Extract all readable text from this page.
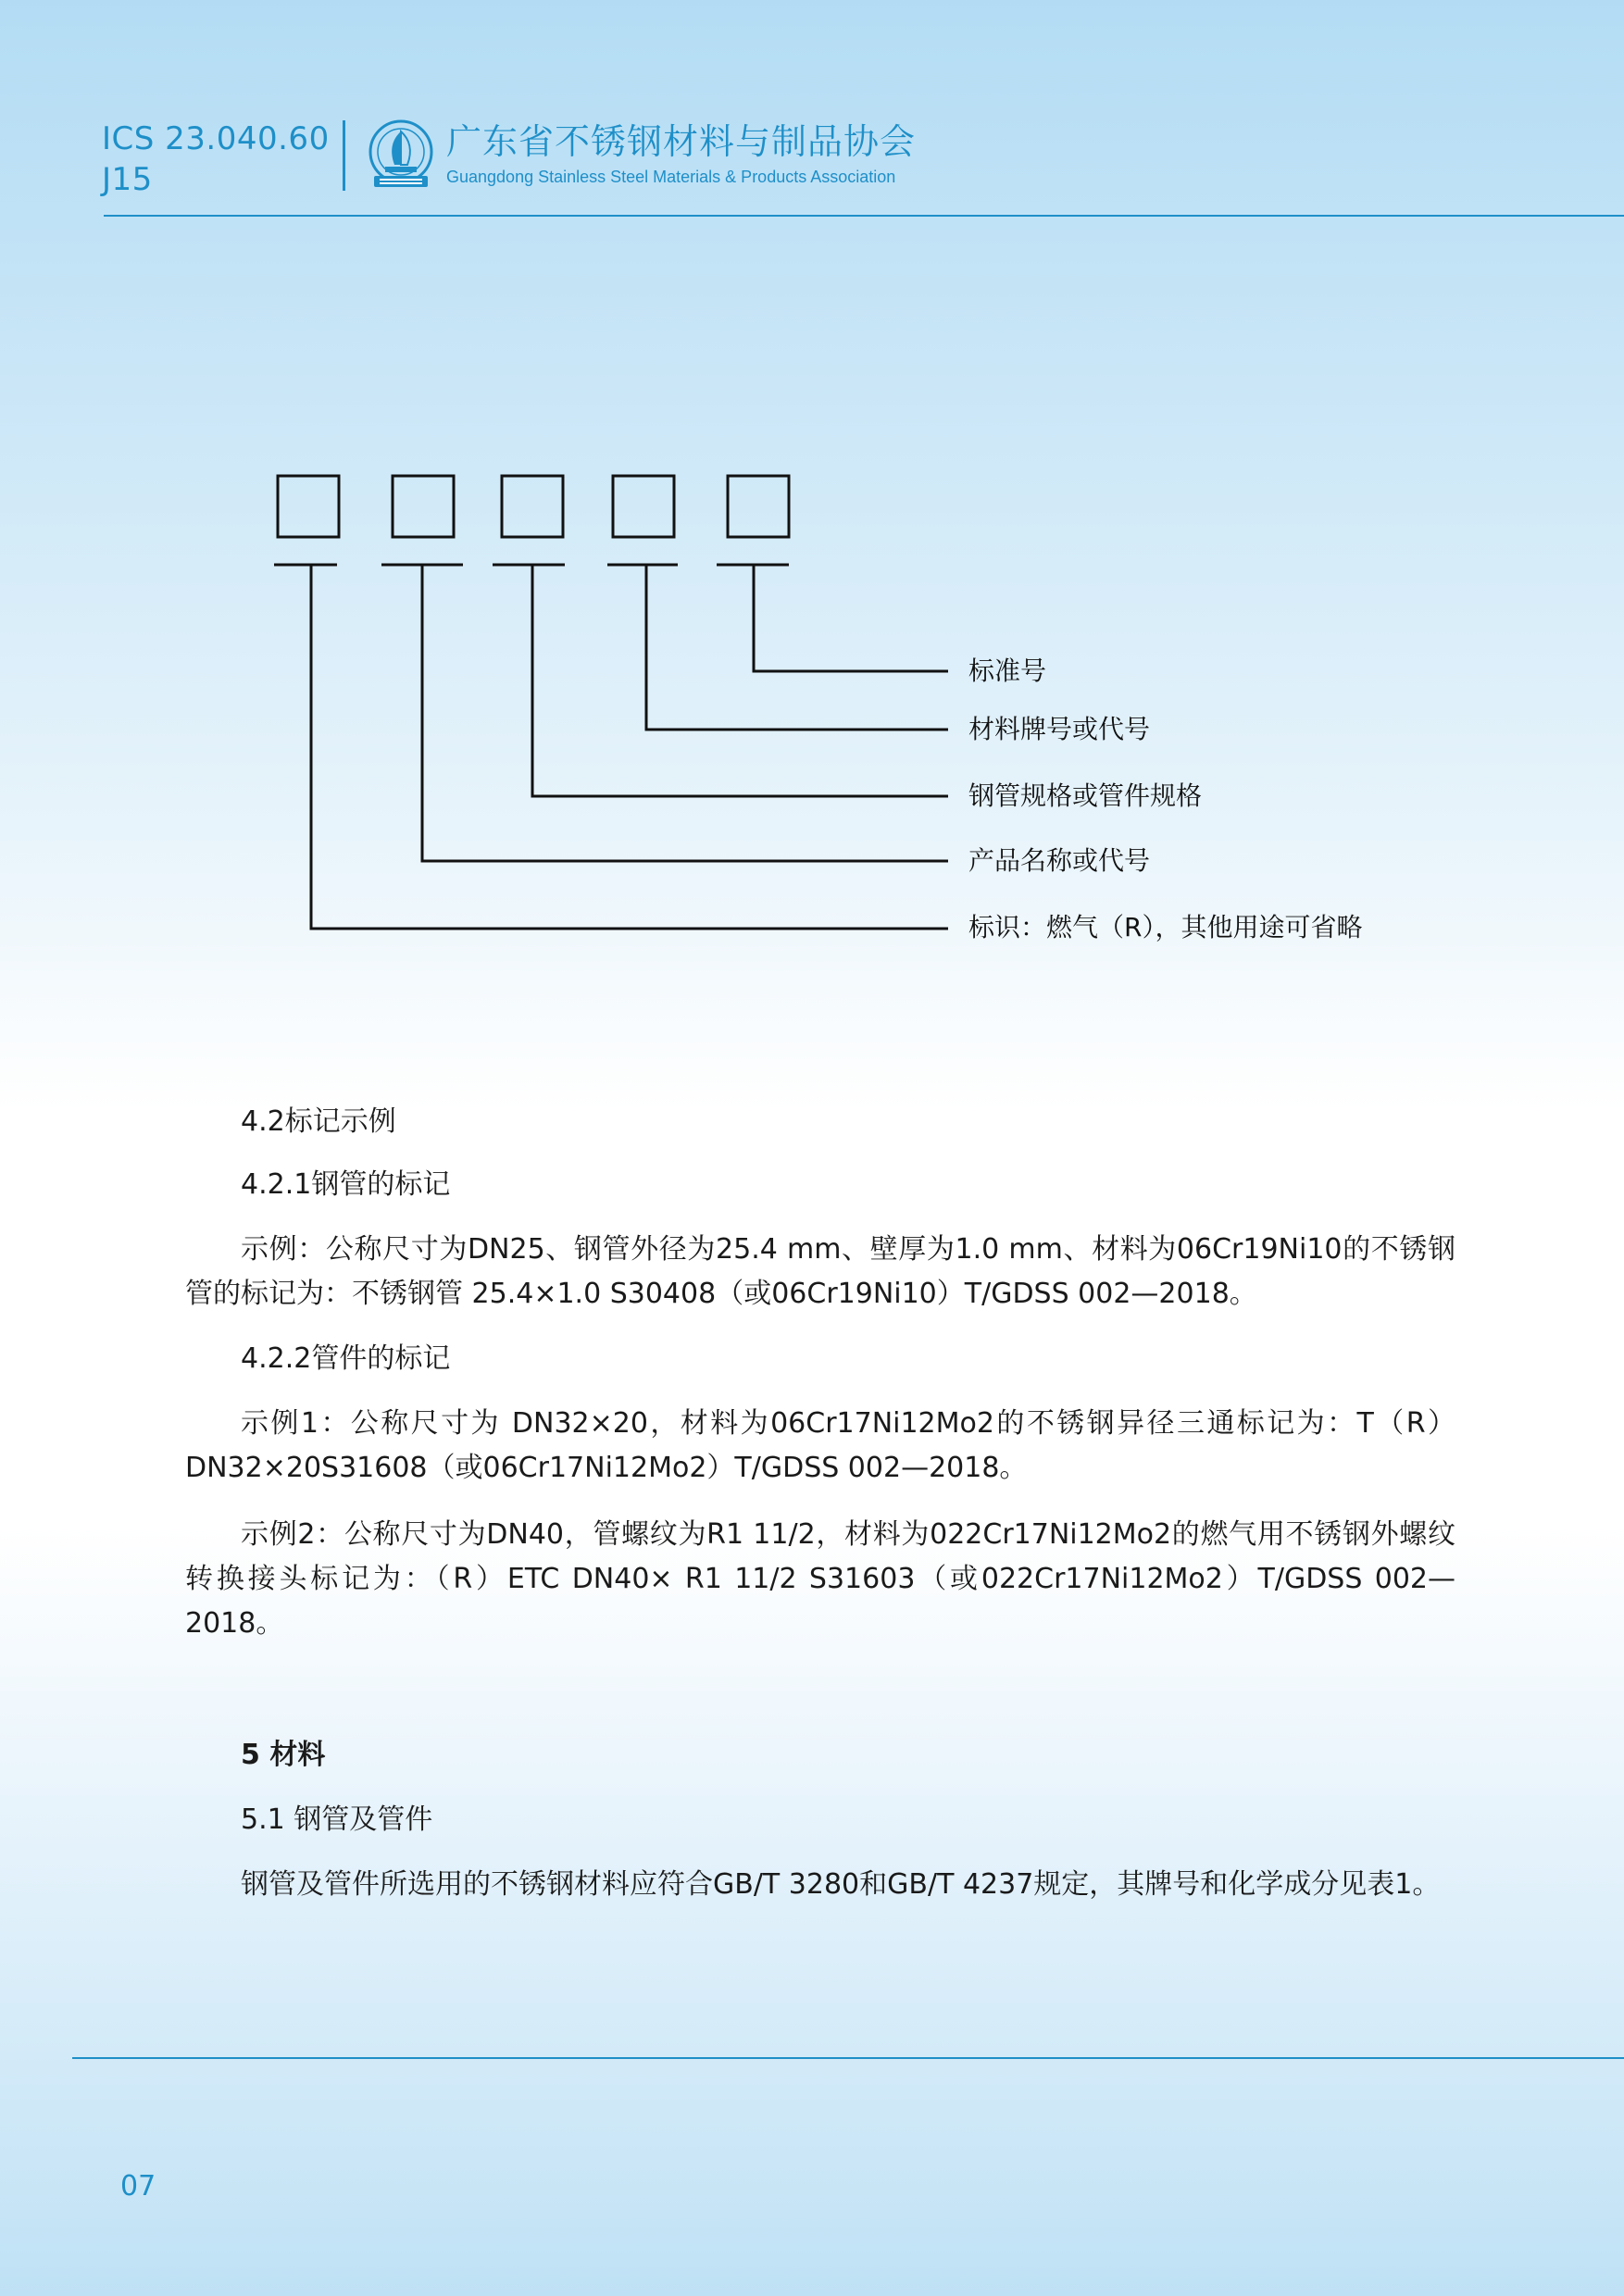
ICS 23.040.60
J15
广东省不锈钢材料与制品协会
Guangdong Stainless Steel Materials & Products Association
标准号
材料牌号或代号
钢管规格或管件规格
产品名称或代号
标识：燃气（R），其他用途可省略

4.2标记示例

4.2.1钢管的标记

示例：公称尺寸为DN25、钢管外径为25.4 mm、壁厚为1.0 mm、材料为06Cr19Ni10的不锈钢管的标记为：不锈钢管 25.4×1.0 S30408（或06Cr19Ni10）T/GDSS 002—2018。

4.2.2管件的标记

示例1：公称尺寸为 DN32×20，材料为06Cr17Ni12Mo2的不锈钢异径三通标记为：T（R）DN32×20S31608（或06Cr17Ni12Mo2）T/GDSS 002—2018。

示例2：公称尺寸为DN40，管螺纹为R1 11/2，材料为022Cr17Ni12Mo2的燃气用不锈钢外螺纹转换接头标记为：（R）ETC DN40× R1 11/2 S31603（或022Cr17Ni12Mo2）T/GDSS 002—2018。

5 材料

5.1 钢管及管件

钢管及管件所选用的不锈钢材料应符合GB/T 3280和GB/T 4237规定，其牌号和化学成分见表1。

07
